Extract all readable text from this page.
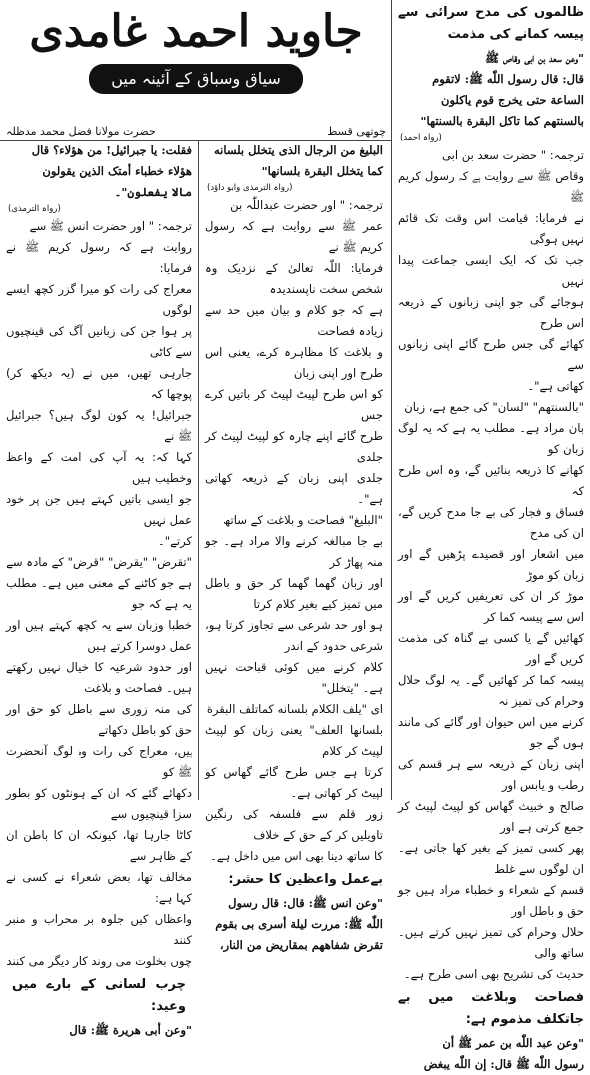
ظالموں کی مدح سرائی سے پیسہ کمانے کی مذمت
"وعن سعد بن ابی وقاص ﷺ
قال: قال رسول اللّٰه ﷺ: لاتقوم
الساعة حتی یخرج قوم یاکلون
بالسنتهم کما تاکل البقرة بالسنتها"
(رواہ احمد)
ترجمہ: " حضرت سعد بن ابی
وقاص ﷺ سے روایت ہے کہ رسول کریم ﷺ
نے فرمایا: قیامت اس وقت تک قائم نہیں ہوگی
جب تک کہ ایک ایسی جماعت پیدا نہیں
ہوجائے گی جو اپنی زبانوں کے ذریعہ اس طرح
کھائے گی جس طرح گائے اپنی زبانوں سے
کھاتی ہے"۔
"بالسنتهم" "لسان" کی جمع ہے، زبان
بان مراد ہے۔ مطلب یہ ہے کہ یہ لوگ زبان کو
کھانے کا ذریعہ بنائیں گے، وہ اس طرح کہ
فساق و فجار کی بے جا مدح کریں گے، ان کی مدح
میں اشعار اور قصیدے پڑھیں گے اور زبان کو موڑ
موڑ کر ان کی تعریفیں کریں گے اور اس سے پیسہ کما کر
کھائیں گے یا کسی بے گناہ کی مذمت کریں گے اور
پیسہ کما کر کھائیں گے۔ یہ لوگ حلال وحرام کی تمیز نہ
کرنے میں اس حیوان اور گائے کی مانند ہوں گے جو
اپنی زبان کے ذریعہ سے ہر قسم کی رطب و یابس اور
صالح و خبیث گھاس کو لپیٹ لپیٹ کر جمع کرتی ہے اور
پھر کسی تمیز کے بغیر کھا جاتی ہے۔ ان لوگوں سے غلط
قسم کے شعراء و خطباء مراد ہیں جو حق و باطل اور
حلال وحرام کی تمیز نہیں کرتے ہیں۔ ساتھ والی
حدیث کی تشریح بھی اسی طرح ہے۔
فصاحت وبلاغت میں بے جاتکلف مذموم ہے:
"وعن عبد اللّٰه بن عمر ﷺ أن
رسول اللّٰه ﷺ قال: إن اللّٰه یبغض
جاوید احمد غامدی
سیاق وسباق کے آئینہ میں
چوتھی قسط
حضرت مولانا فضل محمد مدظلہ
البلیغ من الرجال الذی یتخلل بلسانه
کما یتخلل البقرة بلسانها"
(رواہ الترمذی وابو داؤد)
ترجمہ: " اور حضرت عبداللّٰہ بن
عمر ﷺ سے روایت ہے کہ رسول کریم ﷺ نے
فرمایا: اللّٰہ تعالیٰ کے نزدیک وہ شخص سخت ناپسندیدہ
ہے کہ جو کلام و بیان میں حد سے زیادہ فصاحت
و بلاغت کا مظاہرہ کرے، یعنی اس طرح اور اپنی زبان
کو اس طرح لپیٹ لپیٹ کر باتیں کرے جس
طرح گائے اپنے چارہ کو لپیٹ لپیٹ کر جلدی
جلدی اپنی زبان کے ذریعہ کھاتی ہے"۔
"البلیغ" فصاحت و بلاغت کے ساتھ
بے جا مبالغہ کرنے والا مراد ہے۔ جو منہ پھاڑ کر
اور زبان گھما گھما کر حق و باطل میں تمیز کیے بغیر کلام کرتا
ہو اور حد شرعی سے تجاوز کرتا ہو، شرعی حدود کے اندر
کلام کرنے میں کوئی قباحت نہیں ہے۔ "یتخلل"
ای "یلف الکلام بلسانه کماتلف البقرة
بلسانها العلف" یعنی زبان کو لپیٹ لپیٹ کر کلام
کرتا ہے جس طرح گائے گھاس کو لپیٹ کر کھاتی ہے۔
زور قلم سے فلسفہ کی رنگین تاویلیں کر کے حق کے خلاف
کا ساتھ دینا بھی اس میں داخل ہے۔
بےعمل واعظین کا حشر:
"وعن انس ﷺ: قال: قال رسول
اللّٰه ﷺ: مررت لیلة أسری بی بقوم
تقرض شفاههم بمقاریض من النار،
فقلت: یا جبرائیل! من هؤلاء؟ قال
هؤلاء خطباء أمتک الذین یقولون
مالا یفعلون"۔
(رواہ الترمذی)
ترجمہ: " اور حضرت انس ﷺ سے
روایت ہے کہ رسول کریم ﷺ نے فرمایا:
معراج کی رات کو میرا گزر کچھ ایسے لوگوں
پر ہوا جن کی زبانیں آگ کی قینچیوں سے کاٹی
جارہی تھیں، میں نے (یہ دیکھ کر) پوچھا کہ
جبرائیل! یہ کون لوگ ہیں؟ جبرائیل ﷺ نے
کہا کہ: یہ آپ کی امت کے واعظ وخطیب ہیں
جو ایسی باتیں کہتے ہیں جن پر خود عمل نہیں
کرتے"۔
"تقرض" "یقرض" "قرض" کے مادہ سے
ہے جو کاٹنے کے معنی میں ہے۔ مطلب یہ ہے کہ جو
خطبا وزبان سے یہ کچھ کہتے ہیں اور عمل دوسرا کرتے ہیں
اور حدود شرعیہ کا خیال نہیں رکھتے ہیں۔ فصاحت و بلاغت
کی منہ زوری سے باطل کو حق اور حق کو باطل دکھاتے
ہیں، معراج کی رات وہ لوگ آنحضرت ﷺ کو
دکھائے گئے کہ ان کے ہونٹوں کو بطور سزا قینچیوں سے
کاٹا جارہا تھا، کیونکہ ان کا باطن ان کے ظاہر سے
مخالف تھا، بعض شعراء نے کسی نے کہا ہے:
واعظاں کیں جلوہ بر محراب و منبر کنند
چوں بخلوت می روند کار دیگر می کنند
چرب لسانی کے بارے میں وعید:
"وعن أبی هریرة ﷺ: قال
